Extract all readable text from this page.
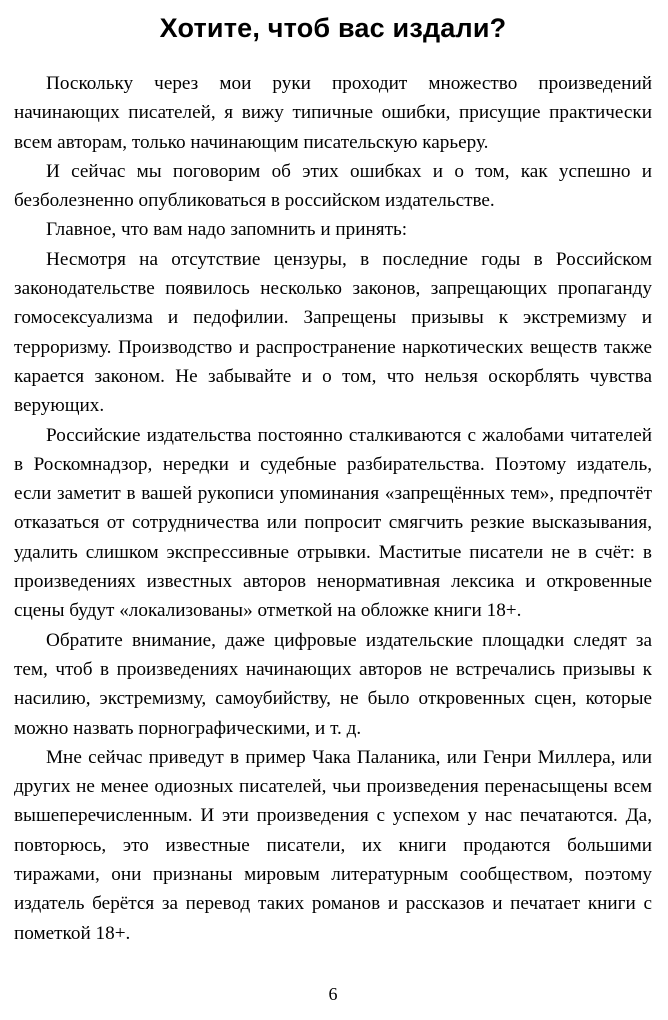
Хотите, чтоб вас издали?

Поскольку через мои руки проходит множество произведений начинающих писателей, я вижу типичные ошибки, присущие практически всем авторам, только начинающим писательскую карьеру.

И сейчас мы поговорим об этих ошибках и о том, как успешно и безболезненно опубликоваться в российском издательстве.

Главное, что вам надо запомнить и принять:

Несмотря на отсутствие цензуры, в последние годы в Российском законодательстве появилось несколько законов, запрещающих пропаганду гомосексуализма и педофилии. Запрещены призывы к экстремизму и терроризму. Производство и распространение наркотических веществ также карается законом. Не забывайте и о том, что нельзя оскорблять чувства верующих.

Российские издательства постоянно сталкиваются с жалобами читателей в Роскомнадзор, нередки и судебные разбирательства. Поэтому издатель, если заметит в вашей рукописи упоминания «запрещённых тем», предпочтёт отказаться от сотрудничества или попросит смягчить резкие высказывания, удалить слишком экспрессивные отрывки. Маститые писатели не в счёт: в произведениях известных авторов ненормативная лексика и откровенные сцены будут «локализованы» отметкой на обложке книги 18+.

Обратите внимание, даже цифровые издательские площадки следят за тем, чтоб в произведениях начинающих авторов не встречались призывы к насилию, экстремизму, самоубийству, не было откровенных сцен, которые можно назвать порнографическими, и т. д.

Мне сейчас приведут в пример Чака Паланика, или Генри Миллера, или других не менее одиозных писателей, чьи произведения перенасыщены всем вышеперечисленным. И эти произведения с успехом у нас печатаются. Да, повторюсь, это известные писатели, их книги продаются большими тиражами, они признаны мировым литературным сообществом, поэтому издатель берётся за перевод таких романов и рассказов и печатает книги с пометкой 18+.

6
